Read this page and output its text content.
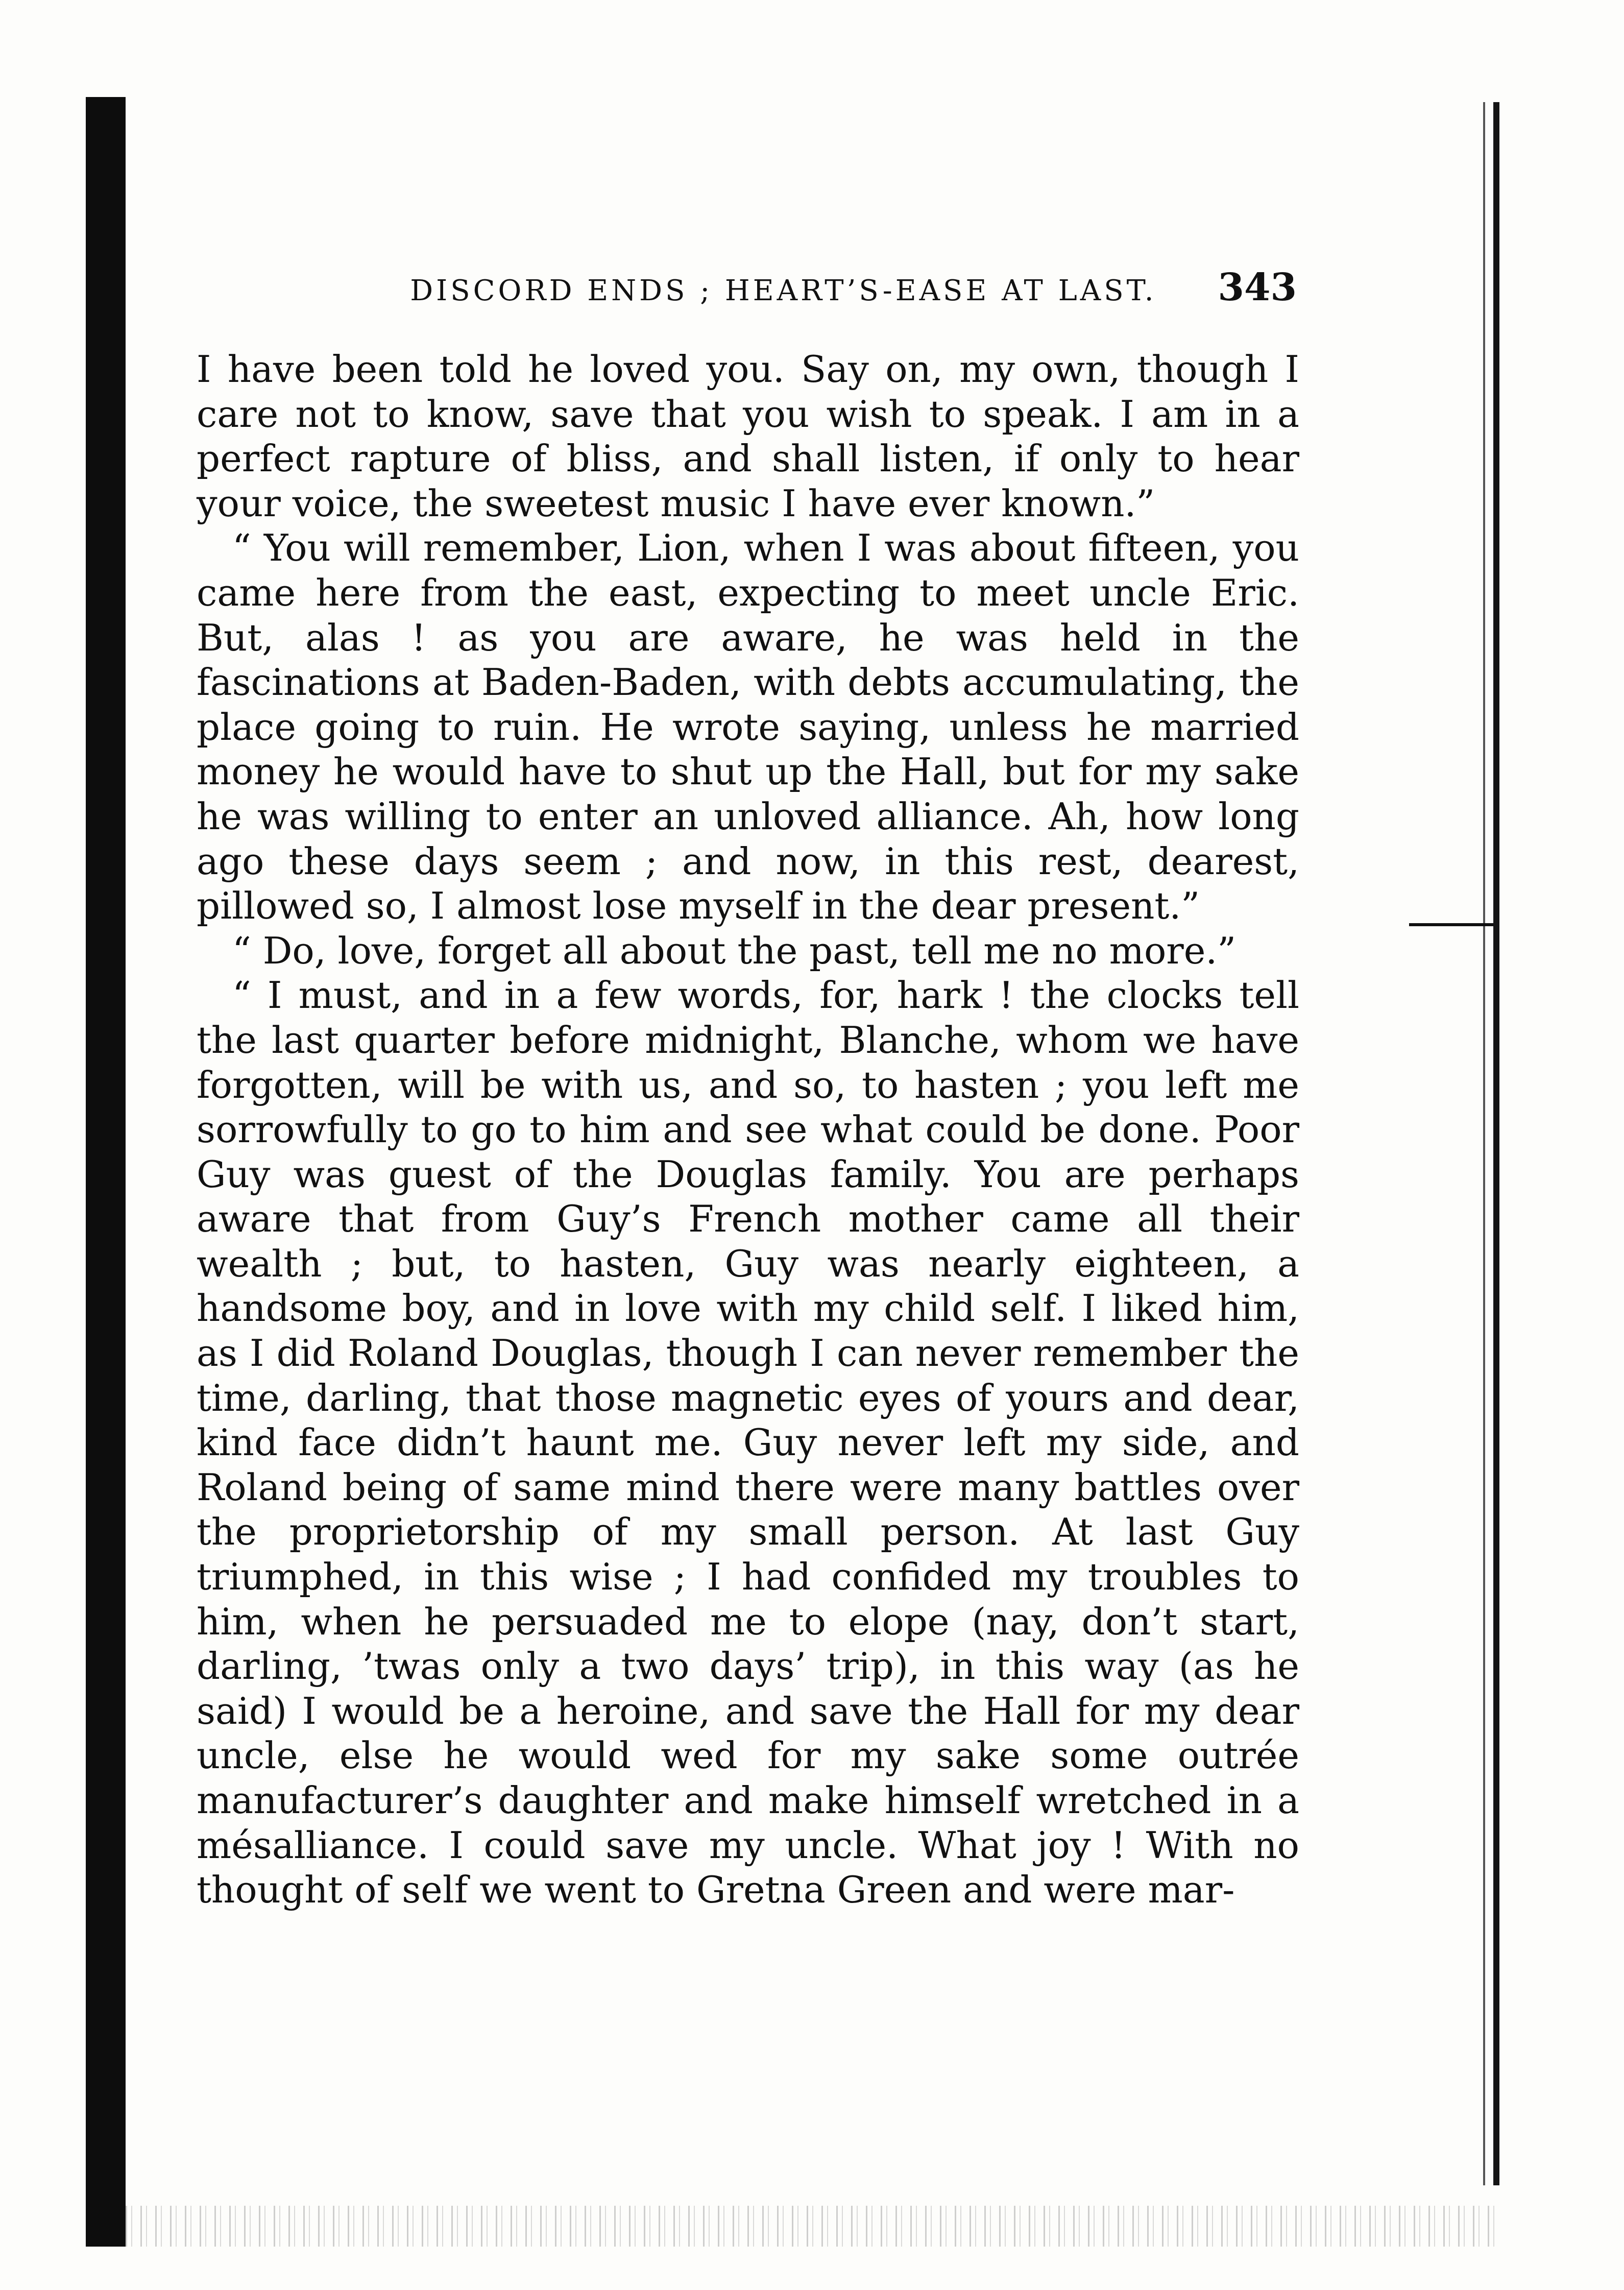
DISCORD ENDS ; HEART’S-EASE AT LAST. 343

I have been told he loved you. Say on, my own, though I care not to know, save that you wish to speak. I am in a perfect rapture of bliss, and shall listen, if only to hear your voice, the sweetest music I have ever known.”

“ You will remember, Lion, when I was about fifteen, you came here from the east, expecting to meet uncle Eric. But, alas ! as you are aware, he was held in the fascinations at Baden-Baden, with debts accumulating, the place going to ruin. He wrote saying, unless he married money he would have to shut up the Hall, but for my sake he was willing to enter an unloved alliance. Ah, how long ago these days seem ; and now, in this rest, dearest, pillowed so, I almost lose myself in the dear present.”

“ Do, love, forget all about the past, tell me no more.”

“ I must, and in a few words, for, hark ! the clocks tell the last quarter before midnight, Blanche, whom we have forgotten, will be with us, and so, to hasten ; you left me sorrowfully to go to him and see what could be done. Poor Guy was guest of the Douglas family. You are perhaps aware that from Guy’s French mother came all their wealth ; but, to hasten, Guy was nearly eighteen, a handsome boy, and in love with my child self. I liked him, as I did Roland Douglas, though I can never remember the time, darling, that those magnetic eyes of yours and dear, kind face didn’t haunt me. Guy never left my side, and Roland being of same mind there were many battles over the proprietorship of my small person. At last Guy triumphed, in this wise ; I had confided my troubles to him, when he persuaded me to elope (nay, don’t start, darling, ’twas only a two days’ trip), in this way (as he said) I would be a heroine, and save the Hall for my dear uncle, else he would wed for my sake some outrée manufacturer’s daughter and make himself wretched in a mésalliance. I could save my uncle. What joy ! With no thought of self we went to Gretna Green and were mar-
